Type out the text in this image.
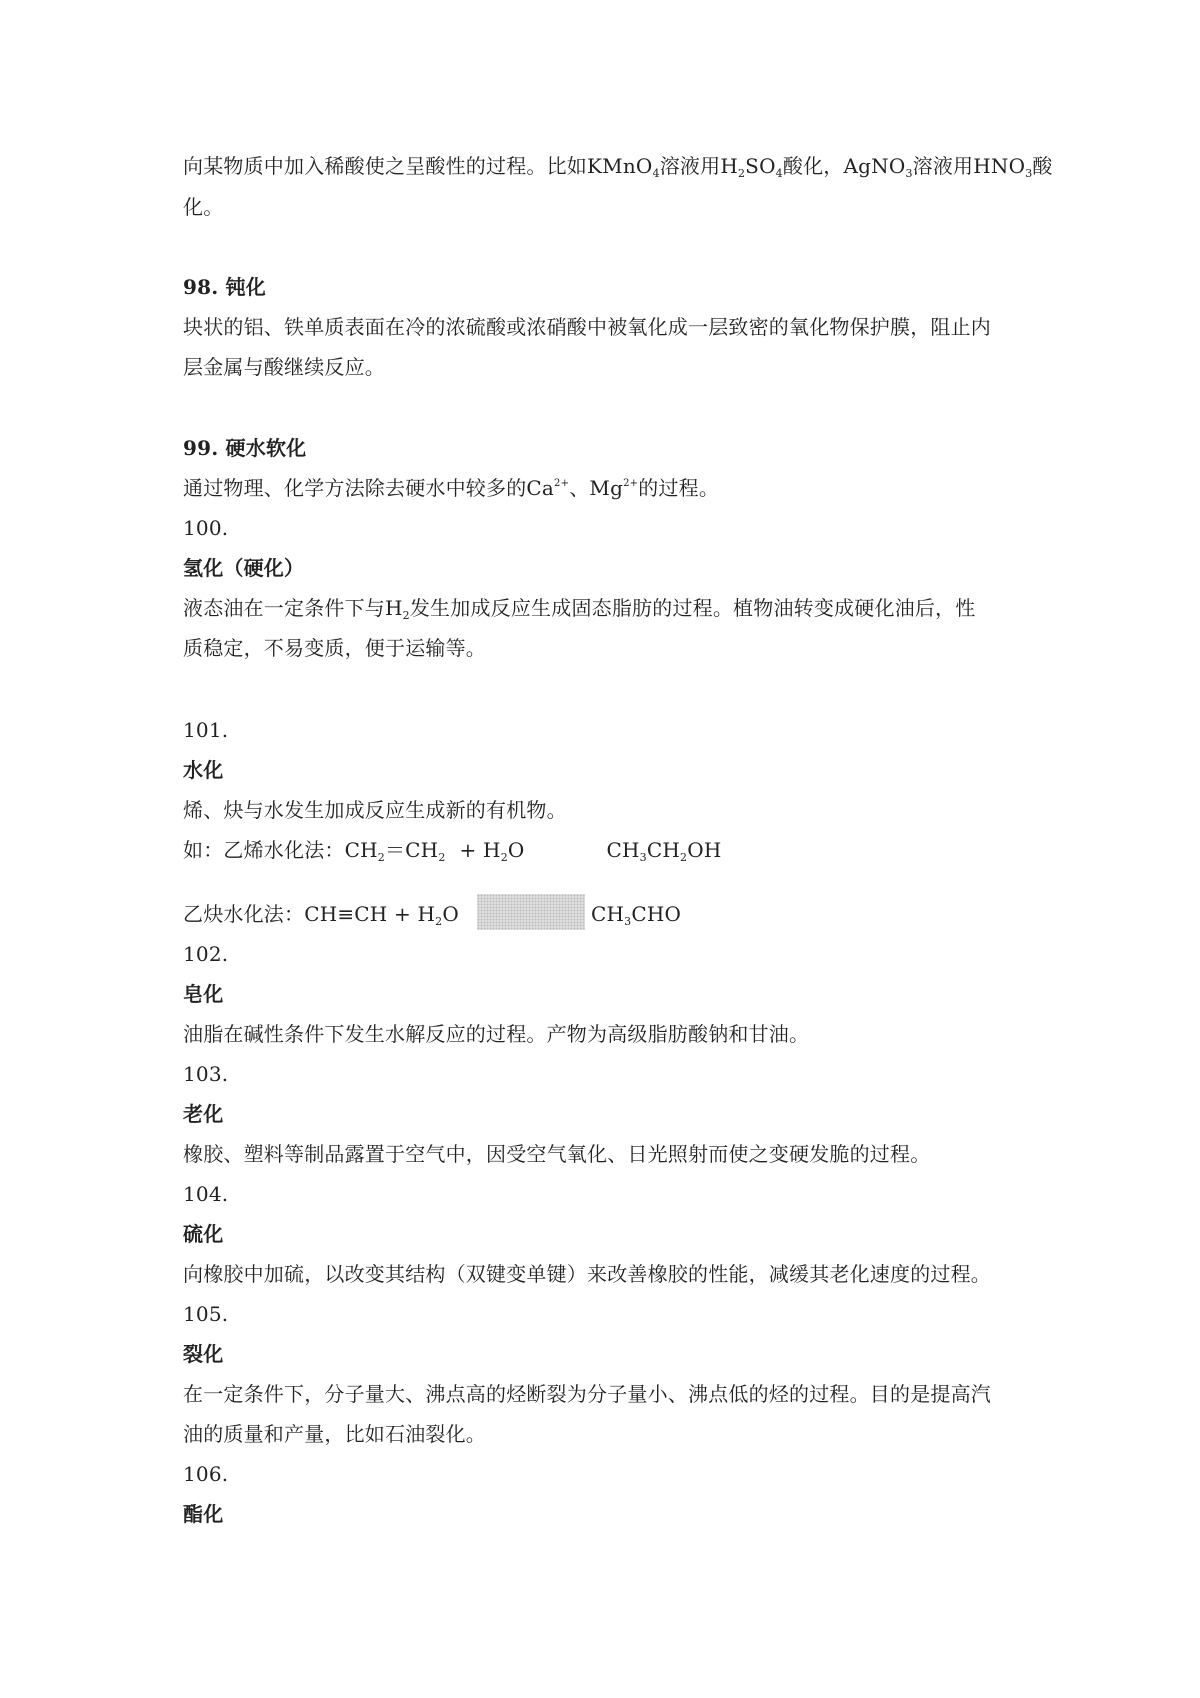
向某物质中加入稀酸使之呈酸性的过程。比如KMnO$_4$溶液用$H_2SO_4$酸化，AgNO$_3$溶液用$HNO_3$酸
化。
98. 钝化
块状的铝、铁单质表面在冷的浓硫酸或浓硝酸中被氧化成一层致密的氧化物保护膜，阻止内
层金属与酸继续反应。
99. 硬水软化
通过物理、化学方法除去硬水中较多的$Ca^{2+}$、$Mg^{2+}$的过程。
100.
氢化（硬化）
液态油在一定条件下与$H_2$发生加成反应生成固态脂肪的过程。植物油转变成硬化油后，性
质稳定，不易变质，便于运输等。
101.
水化
烯、炔与水发生加成反应生成新的有机物。
如：乙烯水化法：$CH_2=CH_2 + H_2O$	$CH_3CH_2OH$
乙炔水化法：$CH\equiv CH + H_2O$	$CH_3CHO$
102.
皂化
油脂在碱性条件下发生水解反应的过程。产物为高级脂肪酸钠和甘油。
103.
老化
橡胶、塑料等制品露置于空气中，因受空气氧化、日光照射而使之变硬发脆的过程。
104.
硫化
向橡胶中加硫，以改变其结构（双键变单键）来改善橡胶的性能，减缓其老化速度的过程。
105.
裂化
在一定条件下，分子量大、沸点高的烃断裂为分子量小、沸点低的烃的过程。目的是提高汽
油的质量和产量，比如石油裂化。
106.
酯化
